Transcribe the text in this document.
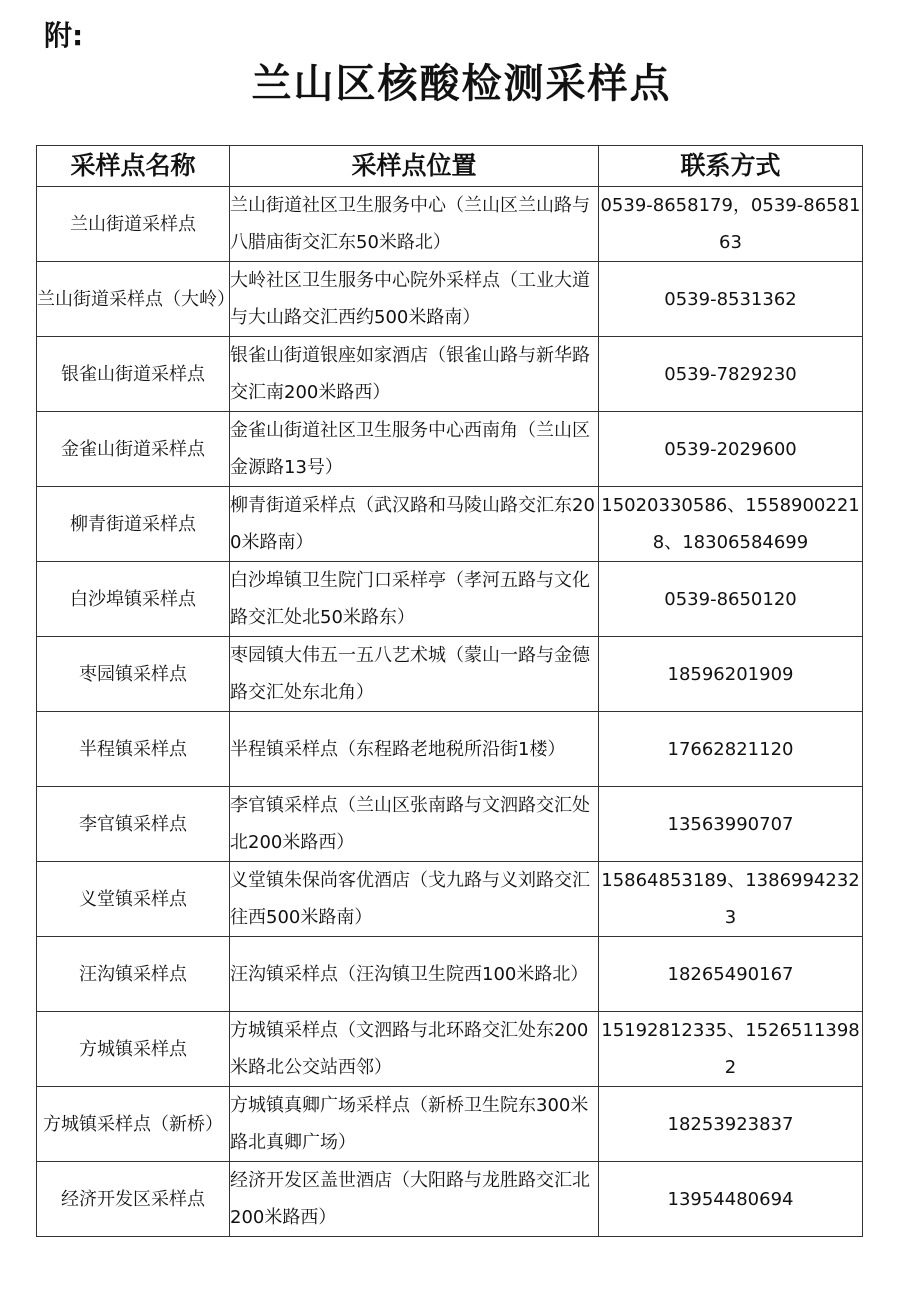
附:
兰山区核酸检测采样点
采样点名称	采样点位置	联系方式
兰山街道采样点	兰山街道社区卫生服务中心（兰山区兰山路与八腊庙街交汇东50米路北）	0539-8658179，0539-8658163
兰山街道采样点（大岭）	大岭社区卫生服务中心院外采样点（工业大道与大山路交汇西约500米路南）	0539-8531362
银雀山街道采样点	银雀山街道银座如家酒店（银雀山路与新华路交汇南200米路西）	0539-7829230
金雀山街道采样点	金雀山街道社区卫生服务中心西南角（兰山区金源路13号）	0539-2029600
柳青街道采样点	柳青街道采样点（武汉路和马陵山路交汇东200米路南）	15020330586、15589002218、18306584699
白沙埠镇采样点	白沙埠镇卫生院门口采样亭（孝河五路与文化路交汇处北50米路东）	0539-8650120
枣园镇采样点	枣园镇大伟五一五八艺术城（蒙山一路与金德路交汇处东北角）	18596201909
半程镇采样点	半程镇采样点（东程路老地税所沿街1楼）	17662821120
李官镇采样点	李官镇采样点（兰山区张南路与文泗路交汇处北200米路西）	13563990707
义堂镇采样点	义堂镇朱保尚客优酒店（戈九路与义刘路交汇往西500米路南）	15864853189、13869942323
汪沟镇采样点	汪沟镇采样点（汪沟镇卫生院西100米路北）	18265490167
方城镇采样点	方城镇采样点（文泗路与北环路交汇处东200米路北公交站西邻）	15192812335、15265113982
方城镇采样点（新桥）	方城镇真卿广场采样点（新桥卫生院东300米路北真卿广场）	18253923837
经济开发区采样点	经济开发区盖世酒店（大阳路与龙胜路交汇北200米路西）	13954480694
